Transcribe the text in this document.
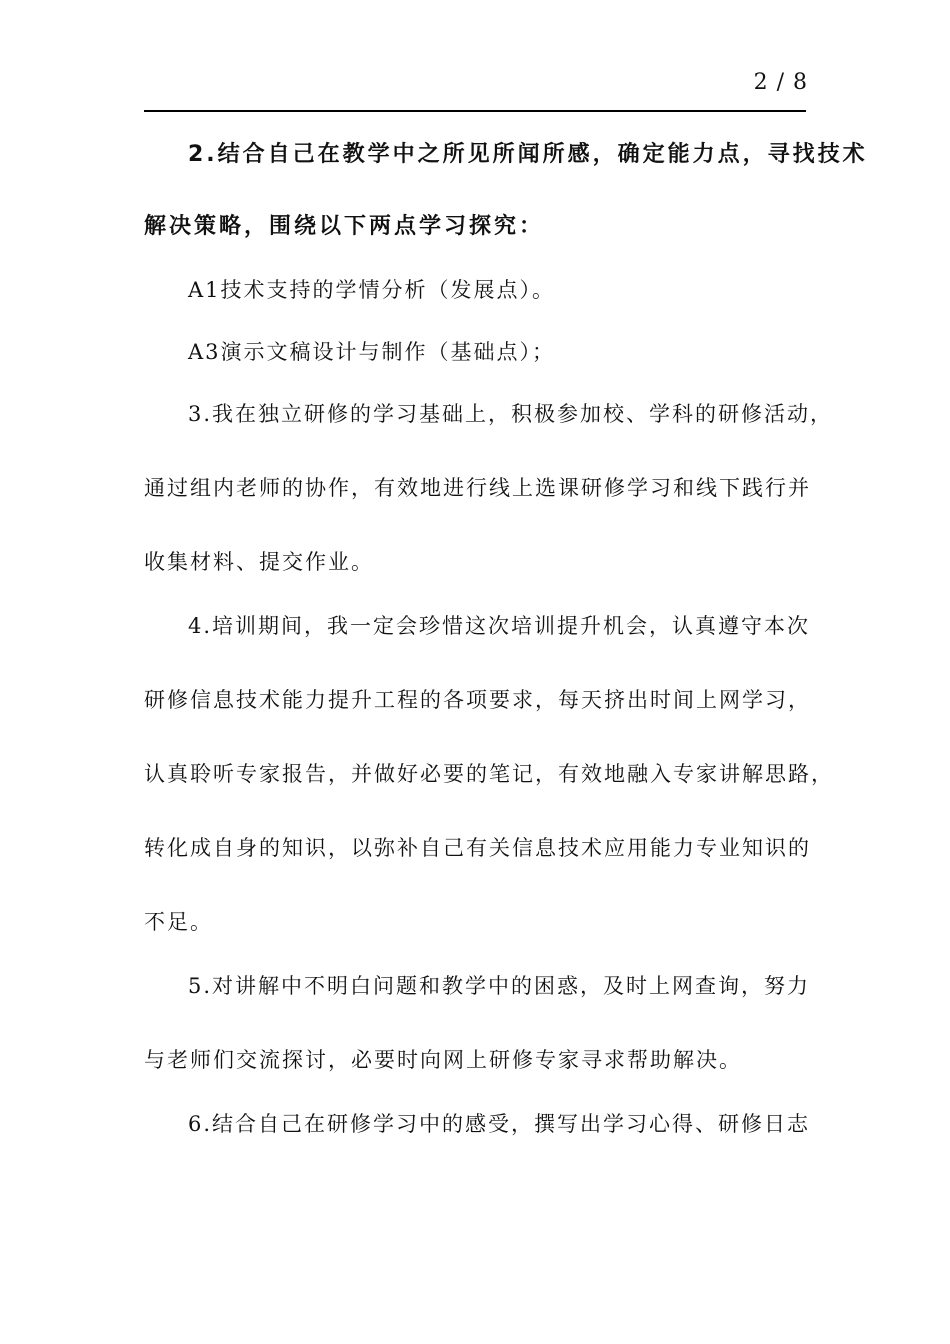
2 / 8
2.结合自己在教学中之所见所闻所感，确定能力点，寻找技术
解决策略，围绕以下两点学习探究：
A1技术支持的学情分析（发展点）。
A3演示文稿设计与制作（基础点）；
3.我在独立研修的学习基础上，积极参加校、学科的研修活动，
通过组内老师的协作，有效地进行线上选课研修学习和线下践行并
收集材料、提交作业。
4.培训期间，我一定会珍惜这次培训提升机会，认真遵守本次
研修信息技术能力提升工程的各项要求，每天挤出时间上网学习，
认真聆听专家报告，并做好必要的笔记，有效地融入专家讲解思路，
转化成自身的知识，以弥补自己有关信息技术应用能力专业知识的
不足。
5.对讲解中不明白问题和教学中的困惑，及时上网查询，努力
与老师们交流探讨，必要时向网上研修专家寻求帮助解决。
6.结合自己在研修学习中的感受，撰写出学习心得、研修日志
